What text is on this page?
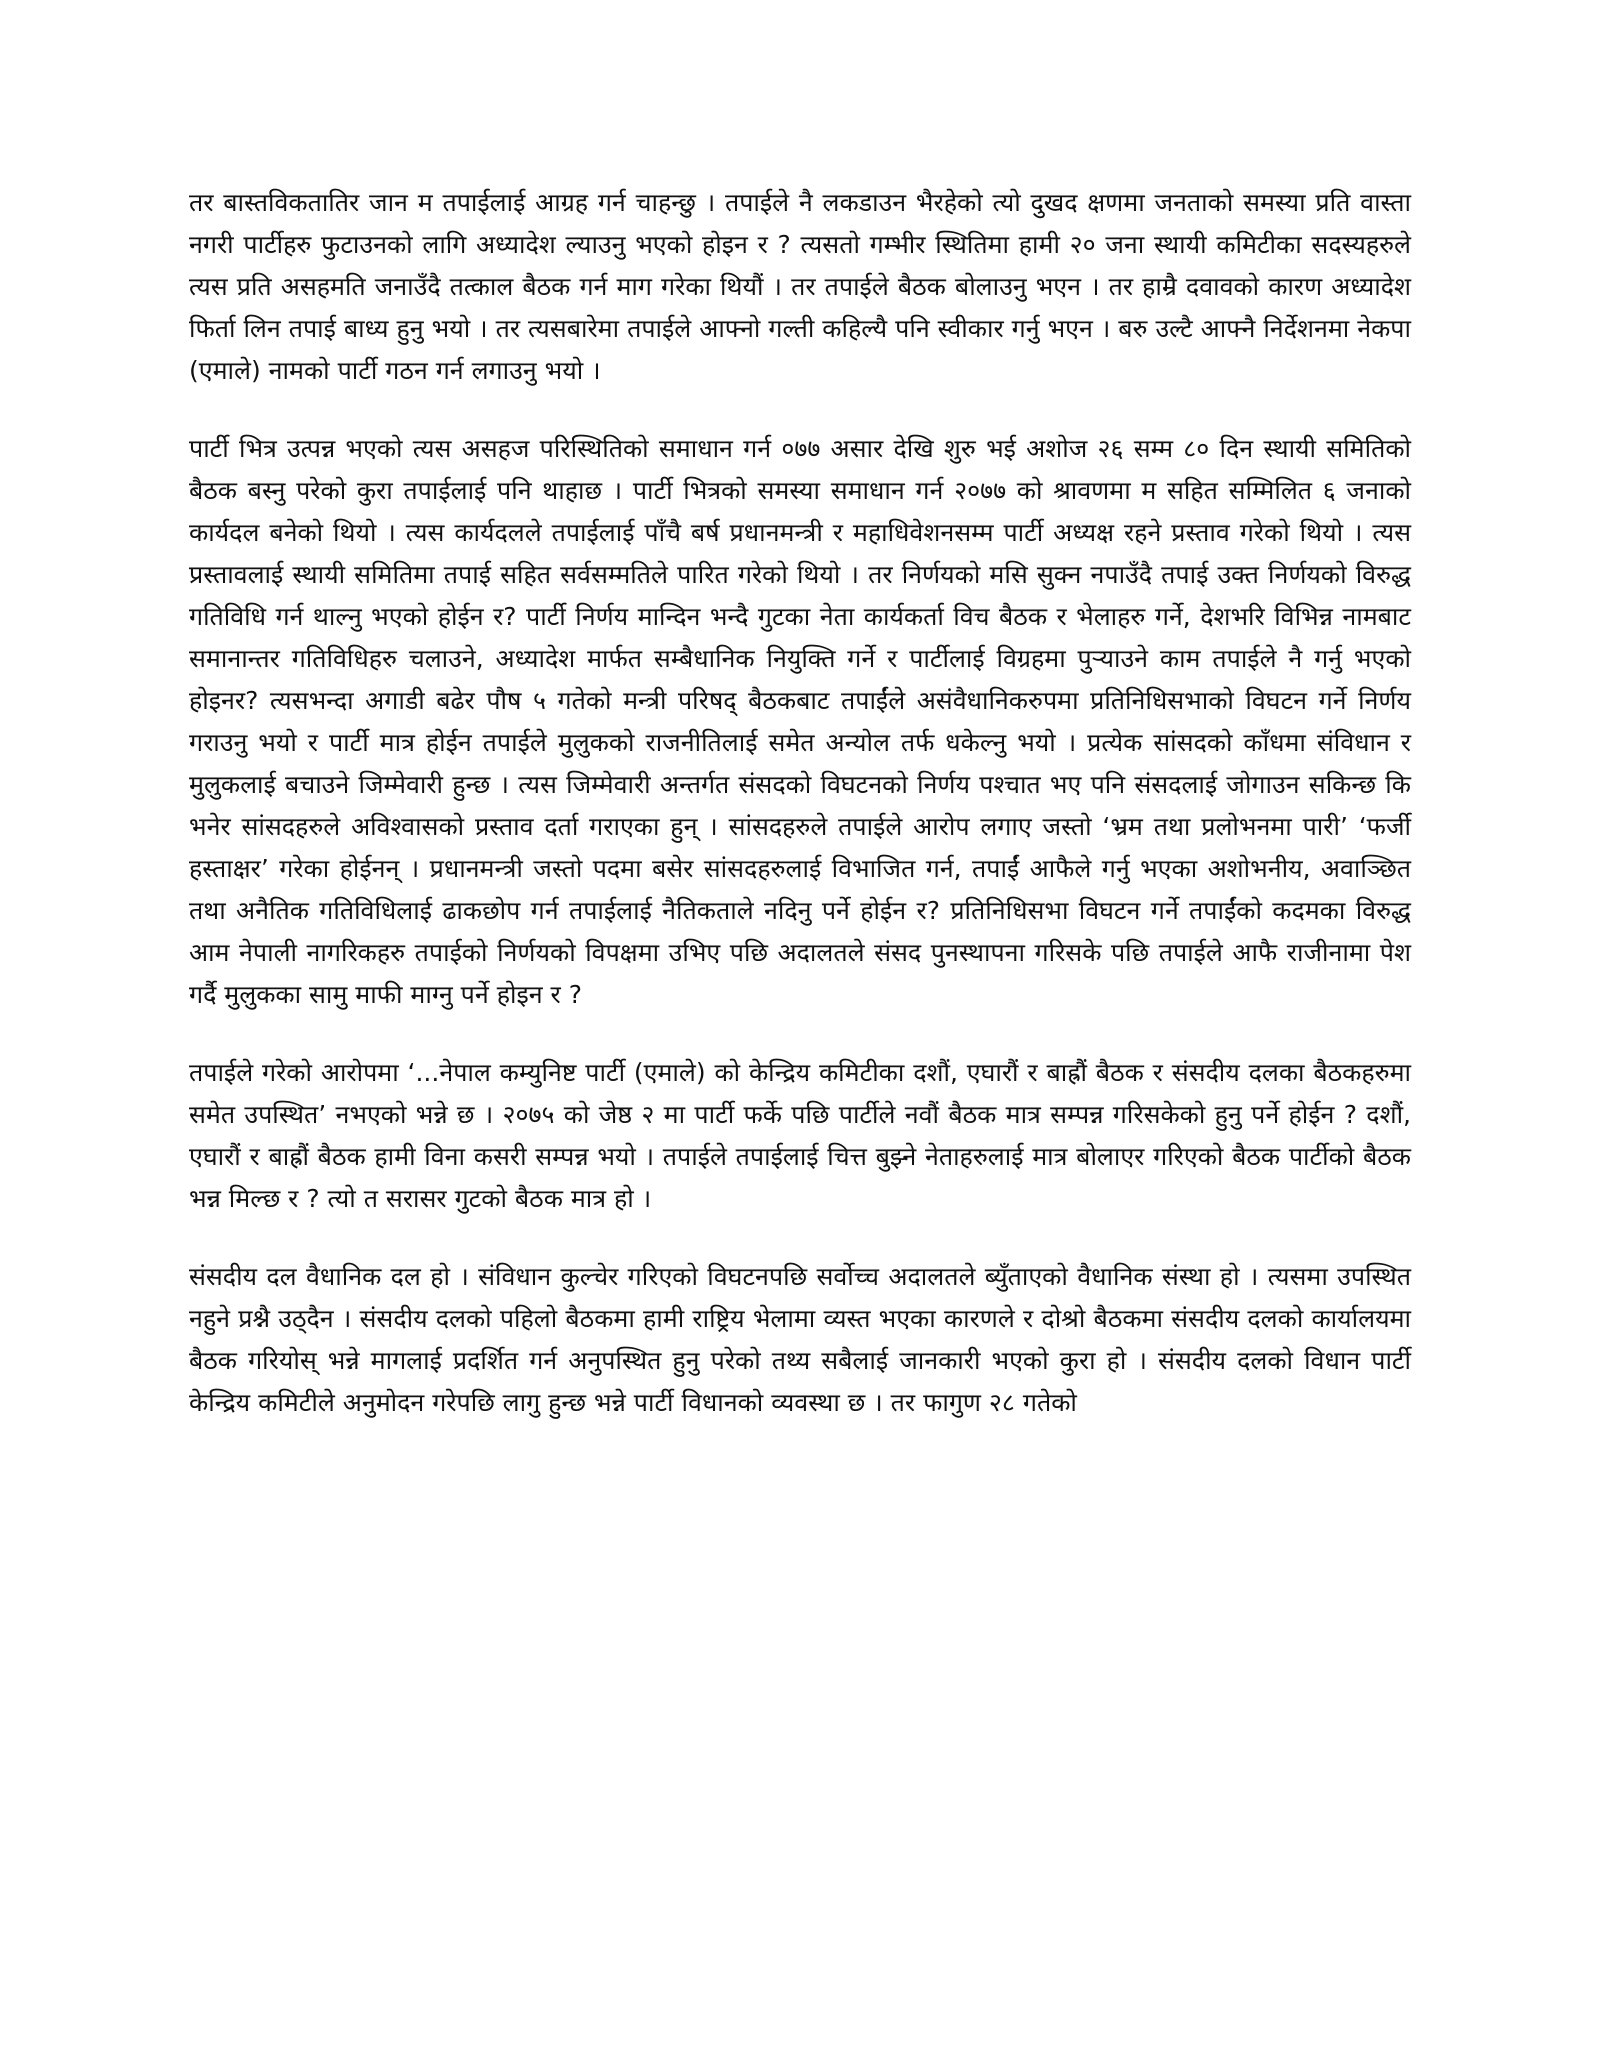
तर बास्तविकतातिर जान म तपाईलाई आग्रह गर्न चाहन्छु । तपाईले नै लकडाउन भैरहेको त्यो दुखद क्षणमा जनताको समस्या प्रति वास्ता नगरी पार्टीहरु फुटाउनको लागि अध्यादेश ल्याउनु भएको होइन र ? त्यसतो गम्भीर स्थितिमा हामी २० जना स्थायी कमिटीका सदस्यहरुले त्यस प्रति असहमति जनाउँदै तत्काल बैठक गर्न माग गरेका थियौं । तर तपाईले बैठक बोलाउनु भएन । तर हाम्रै दवावको कारण अध्यादेश फिर्ता लिन तपाई बाध्य हुनु भयो । तर त्यसबारेमा तपाईले आफ्नो गल्ती कहिल्यै पनि स्वीकार गर्नु भएन । बरु उल्टै आफ्नै निर्देशनमा नेकपा (एमाले) नामको पार्टी गठन गर्न लगाउनु भयो ।

पार्टी भित्र उत्पन्न भएको त्यस असहज परिस्थितिको समाधान गर्न ०७७ असार देखि शुरु भई अशोज २६ सम्म ८० दिन स्थायी समितिको बैठक बस्नु परेको कुरा तपाईलाई पनि थाहाछ । पार्टी भित्रको समस्या समाधान गर्न २०७७ को श्रावणमा म सहित सम्मिलित ६ जनाको कार्यदल बनेको थियो । त्यस कार्यदलले तपाईलाई पाँचै बर्ष प्रधानमन्त्री र महाधिवेशनसम्म पार्टी अध्यक्ष रहने प्रस्ताव गरेको थियो । त्यस प्रस्तावलाई स्थायी समितिमा तपाई सहित सर्वसम्मतिले पारित गरेको थियो । तर निर्णयको मसि सुक्न नपाउँदै तपाई उक्त निर्णयको विरुद्ध गतिविधि गर्न थाल्नु भएको होईन र? पार्टी निर्णय मान्दिन भन्दै गुटका नेता कार्यकर्ता विच बैठक र भेलाहरु गर्ने, देशभरि विभिन्न नामबाट समानान्तर गतिविधिहरु चलाउने, अध्यादेश मार्फत सम्बैधानिक नियुक्ति गर्ने र पार्टीलाई विग्रहमा पुर्‍याउने काम तपाईले नै गर्नु भएको होइनर? त्यसभन्दा अगाडी बढेर पौष ५ गतेको मन्त्री परिषद् बैठकबाट तपाईंले असंवैधानिकरुपमा प्रतिनिधिसभाको विघटन गर्ने निर्णय गराउनु भयो र पार्टी मात्र होईन तपाईले मुलुकको राजनीतिलाई समेत अन्योल तर्फ धकेल्नु भयो । प्रत्येक सांसदको काँधमा संविधान र मुलुकलाई बचाउने जिम्मेवारी हुन्छ । त्यस जिम्मेवारी अन्तर्गत संसदको विघटनको निर्णय पश्चात भए पनि संसदलाई जोगाउन सकिन्छ कि भनेर सांसदहरुले अविश्वासको प्रस्ताव दर्ता गराएका हुन् । सांसदहरुले तपाईले आरोप लगाए जस्तो ‘भ्रम तथा प्रलोभनमा पारी’ ‘फर्जी हस्ताक्षर’ गरेका होईनन् । प्रधानमन्त्री जस्तो पदमा बसेर सांसदहरुलाई विभाजित गर्न, तपाईं आफैले गर्नु भएका अशोभनीय, अवाञ्छित तथा अनैतिक गतिविधिलाई ढाकछोप गर्न तपाईलाई नैतिकताले नदिनु पर्ने होईन र? प्रतिनिधिसभा विघटन गर्ने तपाईंको कदमका विरुद्ध आम नेपाली नागरिकहरु तपाईको निर्णयको विपक्षमा उभिए पछि अदालतले संसद पुनस्थापना गरिसके पछि तपाईले आफै राजीनामा पेश गर्दै मुलुकका सामु माफी माग्नु पर्ने होइन र ?

तपाईले गरेको आरोपमा ‘...नेपाल कम्युनिष्ट पार्टी (एमाले) को केन्द्रिय कमिटीका दशौं, एघारौं र बाह्रौं बैठक र संसदीय दलका बैठकहरुमा समेत उपस्थित’ नभएको भन्ने छ । २०७५ को जेष्ठ २ मा पार्टी फर्के पछि पार्टीले नवौं बैठक मात्र सम्पन्न गरिसकेको हुनु पर्ने होईन ? दशौं, एघारौं र बाह्रौं बैठक हामी विना कसरी सम्पन्न भयो । तपाईले तपाईलाई चित्त बुझ्ने नेताहरुलाई मात्र बोलाएर गरिएको बैठक पार्टीको बैठक भन्न मिल्छ र ? त्यो त सरासर गुटको बैठक मात्र हो ।

संसदीय दल वैधानिक दल हो । संविधान कुल्चेर गरिएको विघटनपछि सर्वोच्च अदालतले ब्युँताएको वैधानिक संस्था हो । त्यसमा उपस्थित नहुने प्रश्नै उठ्दैन । संसदीय दलको पहिलो बैठकमा हामी राष्ट्रिय भेलामा व्यस्त भएका कारणले र दोश्रो बैठकमा संसदीय दलको कार्यालयमा बैठक गरियोस् भन्ने मागलाई प्रदर्शित गर्न अनुपस्थित हुनु परेको तथ्य सबैलाई जानकारी भएको कुरा हो । संसदीय दलको विधान पार्टी केन्द्रिय कमिटीले अनुमोदन गरेपछि लागु हुन्छ भन्ने पार्टी विधानको व्यवस्था छ । तर फागुण २८ गतेको
